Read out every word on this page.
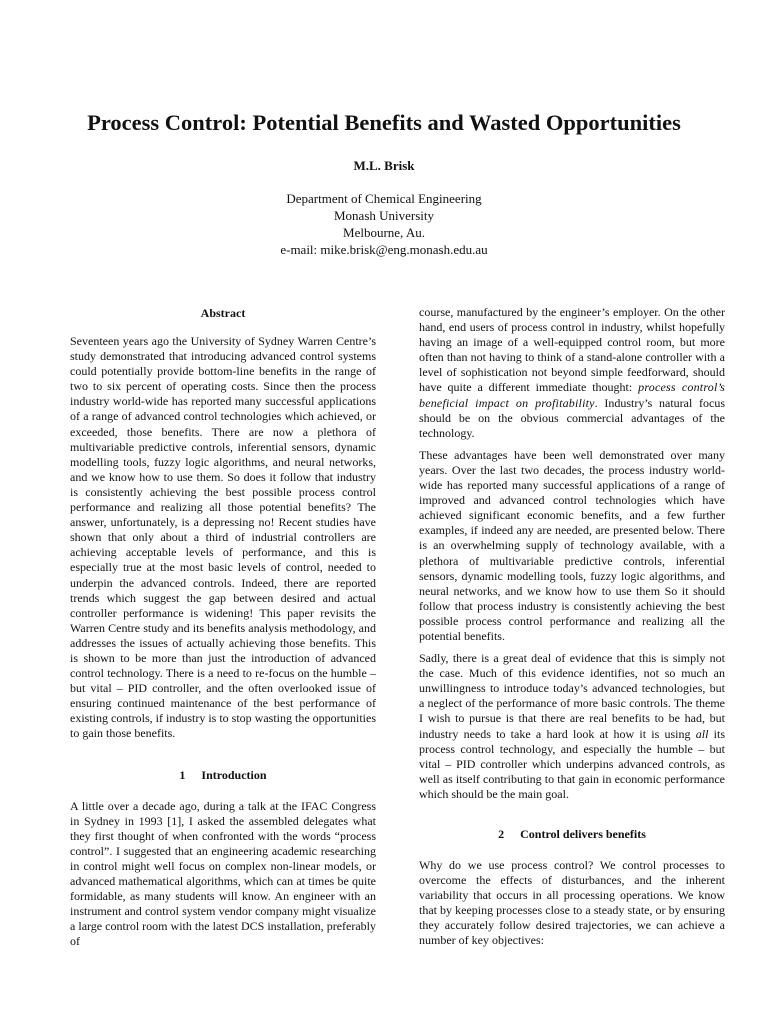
Process Control: Potential Benefits and Wasted Opportunities
M.L. Brisk
Department of Chemical Engineering
Monash University
Melbourne, Au.
e-mail: mike.brisk@eng.monash.edu.au
Abstract

Seventeen years ago the University of Sydney Warren Centre’s study demonstrated that introducing advanced control systems could potentially provide bottom-line benefits in the range of two to six percent of operating costs. Since then the process industry world-wide has reported many successful applications of a range of advanced control technologies which achieved, or exceeded, those benefits. There are now a plethora of multivariable predictive controls, inferential sensors, dynamic modelling tools, fuzzy logic algorithms, and neural networks, and we know how to use them. So does it follow that industry is consistently achieving the best possible process control performance and realizing all those potential benefits? The answer, unfortunately, is a depressing no! Recent studies have shown that only about a third of industrial controllers are achieving acceptable levels of performance, and this is especially true at the most basic levels of control, needed to underpin the advanced controls. Indeed, there are reported trends which suggest the gap between desired and actual controller performance is widening! This paper revisits the Warren Centre study and its benefits analysis methodology, and addresses the issues of actually achieving those benefits. This is shown to be more than just the introduction of advanced control technology. There is a need to re-focus on the humble – but vital – PID controller, and the often overlooked issue of ensuring continued maintenance of the best performance of existing controls, if industry is to stop wasting the opportunities to gain those benefits.

1 Introduction

A little over a decade ago, during a talk at the IFAC Congress in Sydney in 1993 [1], I asked the assembled delegates what they first thought of when confronted with the words “process control”. I suggested that an engineering academic researching in control might well focus on complex non-linear models, or advanced mathematical algorithms, which can at times be quite formidable, as many students will know. An engineer with an instrument and control system vendor company might visualize a large control room with the latest DCS installation, preferably of

course, manufactured by the engineer’s employer. On the other hand, end users of process control in industry, whilst hopefully having an image of a well-equipped control room, but more often than not having to think of a stand-alone controller with a level of sophistication not beyond simple feedforward, should have quite a different immediate thought: process control’s beneficial impact on profitability. Industry’s natural focus should be on the obvious commercial advantages of the technology.

These advantages have been well demonstrated over many years. Over the last two decades, the process industry world-wide has reported many successful applications of a range of improved and advanced control technologies which have achieved significant economic benefits, and a few further examples, if indeed any are needed, are presented below. There is an overwhelming supply of technology available, with a plethora of multivariable predictive controls, inferential sensors, dynamic modelling tools, fuzzy logic algorithms, and neural networks, and we know how to use them So it should follow that process industry is consistently achieving the best possible process control performance and realizing all the potential benefits.

Sadly, there is a great deal of evidence that this is simply not the case. Much of this evidence identifies, not so much an unwillingness to introduce today’s advanced technologies, but a neglect of the performance of more basic controls. The theme I wish to pursue is that there are real benefits to be had, but industry needs to take a hard look at how it is using all its process control technology, and especially the humble – but vital – PID controller which underpins advanced controls, as well as itself contributing to that gain in economic performance which should be the main goal.

2 Control delivers benefits

Why do we use process control? We control processes to overcome the effects of disturbances, and the inherent variability that occurs in all processing operations. We know that by keeping processes close to a steady state, or by ensuring they accurately follow desired trajectories, we can achieve a number of key objectives:
